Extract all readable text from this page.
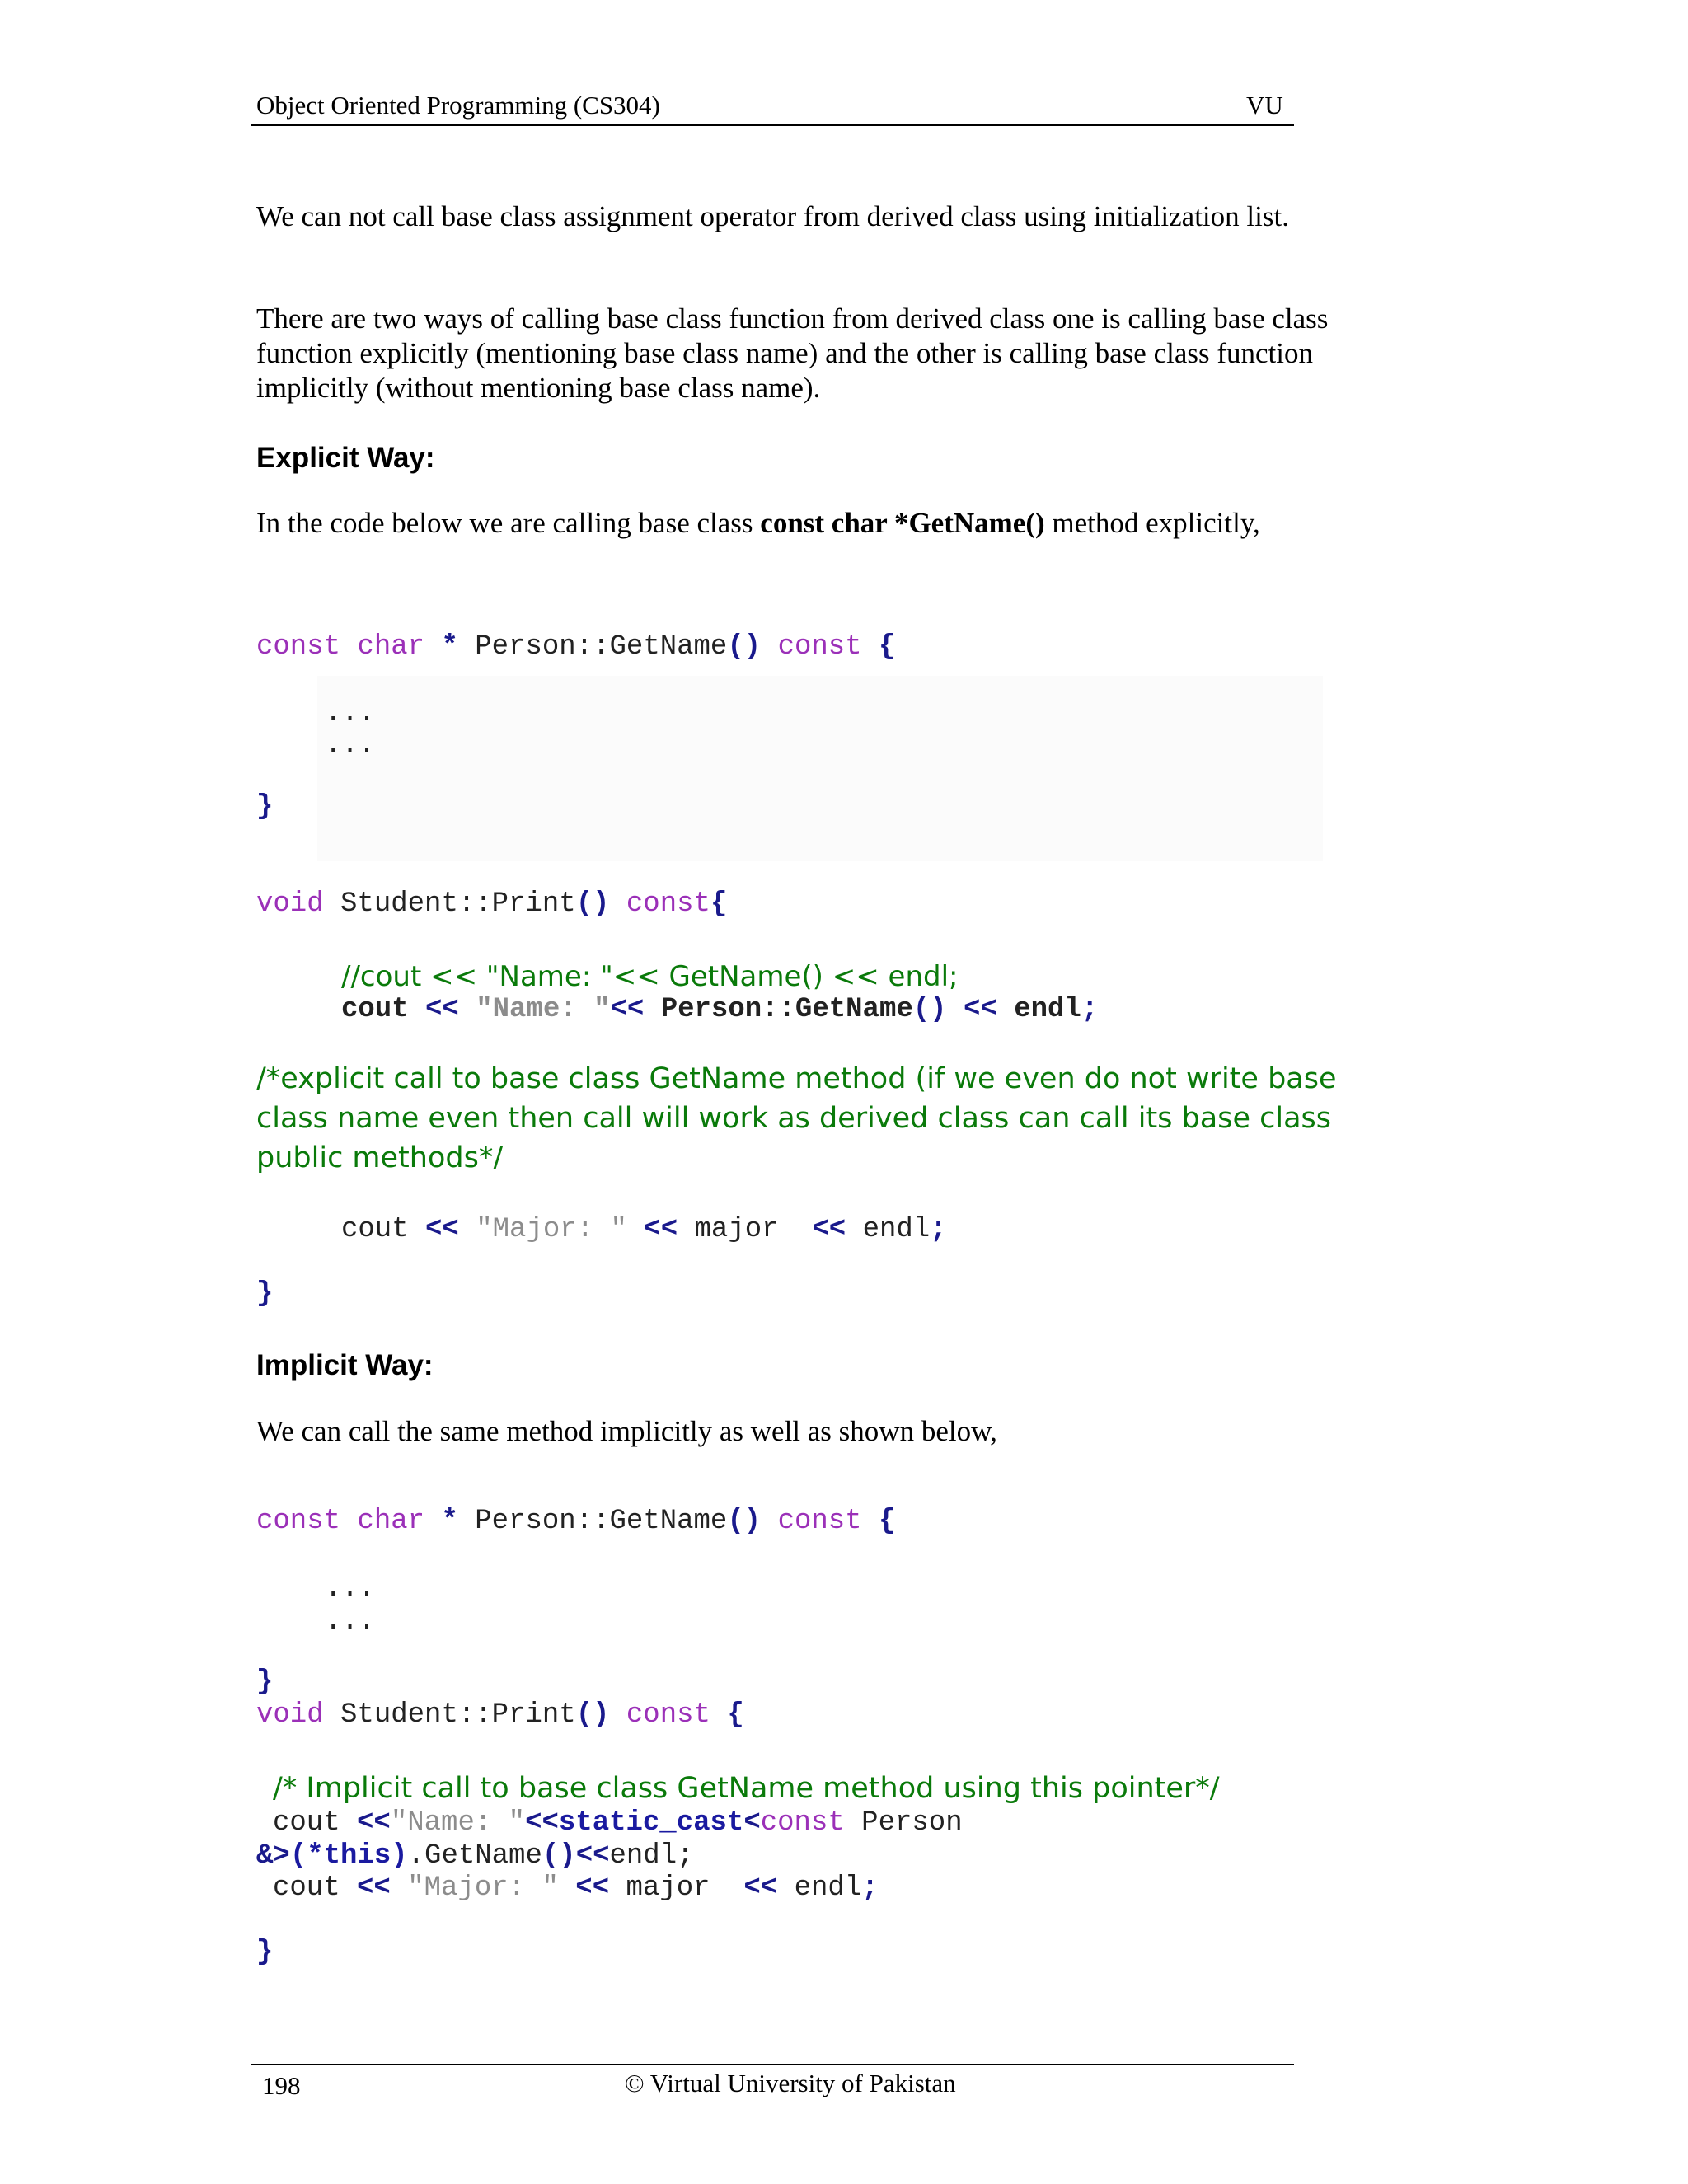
Object Oriented Programming (CS304)	VU
We can not call base class assignment operator from derived class using initialization list.
There are two ways of calling base class function from derived class one is calling base class function explicitly (mentioning base class name) and the other is calling base class function implicitly (without mentioning base class name).
Explicit Way:
In the code below we are calling base class const char *GetName() method explicitly,
const char * Person::GetName() const {
...
...
}
void Student::Print() const{
//cout << "Name: "<< GetName() << endl;
cout << "Name: "<< Person::GetName() << endl;
/*explicit call to base class GetName method (if we even do not write base class name even then call will work as derived class can call its base class public methods*/
cout << "Major: " << major << endl;
}
Implicit Way:
We can call the same method implicitly as well as shown below,
const char * Person::GetName() const {
...
...
}
void Student::Print() const {
/* Implicit call to base class GetName method using this pointer*/
cout <<"Name: "<<static_cast<const Person
&>(*this).GetName()<<endl;
cout << "Major: " << major << endl;
}
198	© Virtual University of Pakistan
